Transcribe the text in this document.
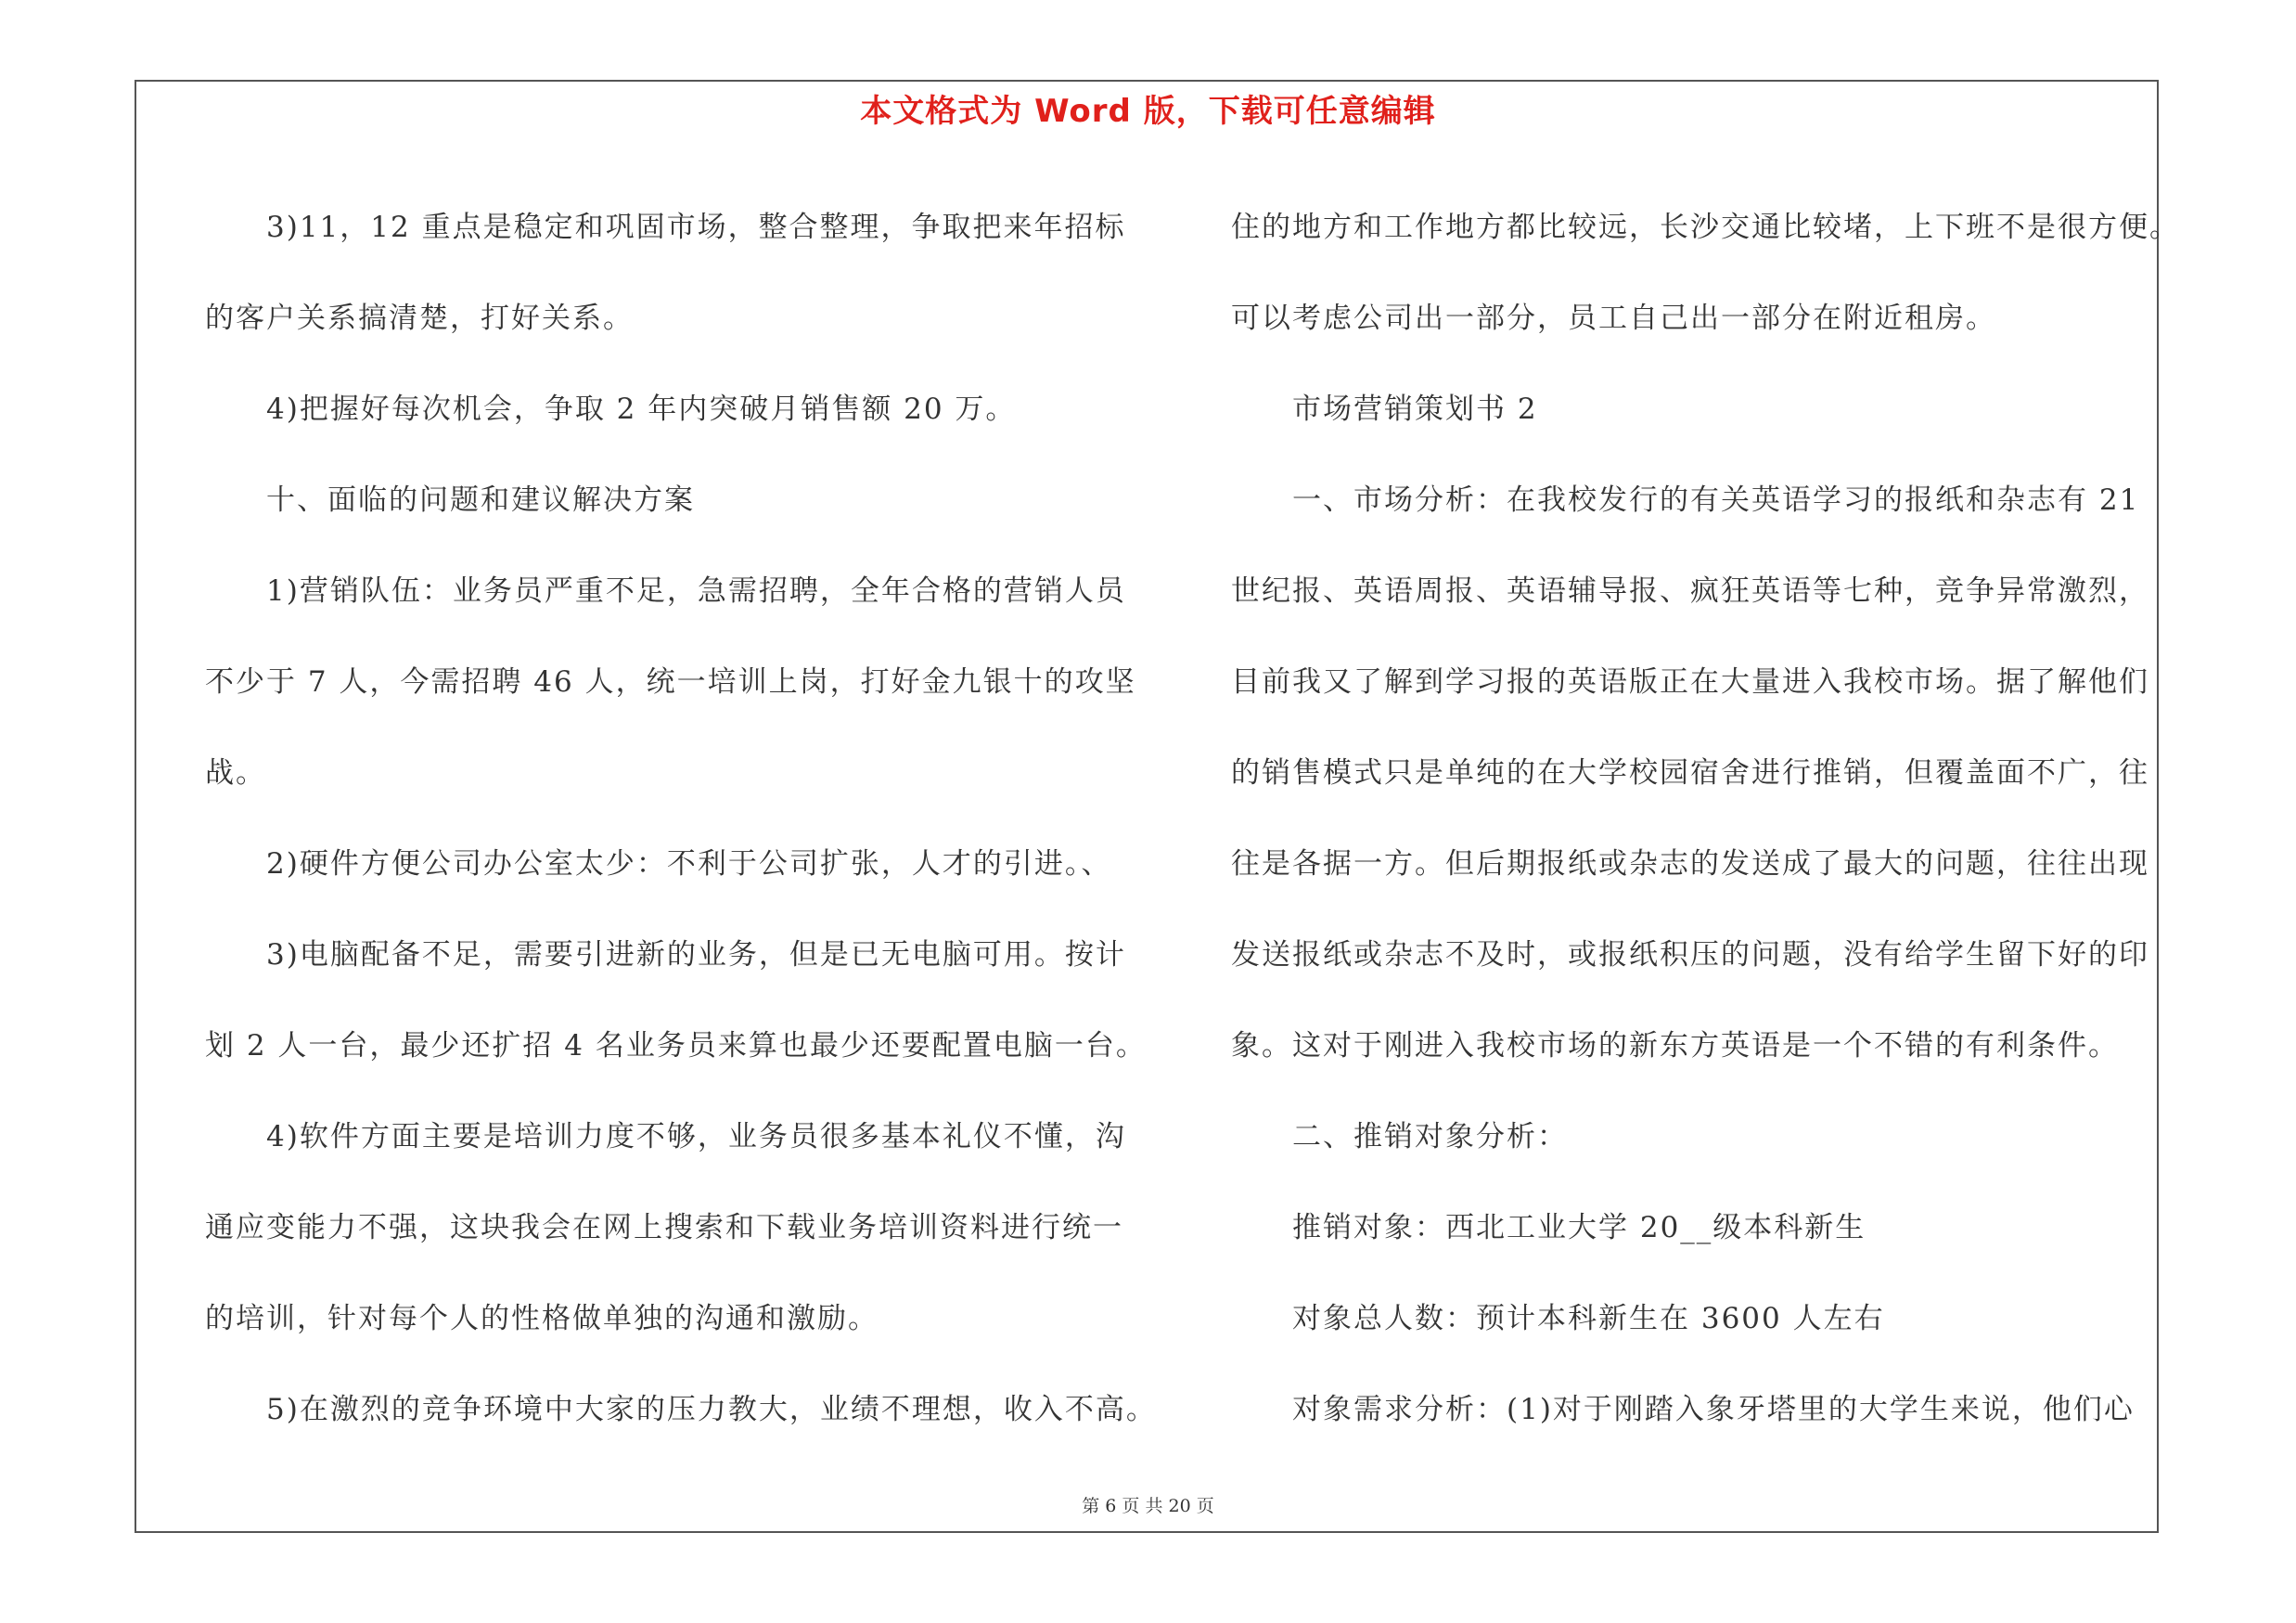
本文格式为 Word 版，下载可任意编辑

　　3)11，12 重点是稳定和巩固市场，整合整理，争取把来年招标

的客户关系搞清楚，打好关系。

　　4)把握好每次机会，争取 2 年内突破月销售额 20 万。

　　十、面临的问题和建议解决方案

　　1)营销队伍：业务员严重不足，急需招聘，全年合格的营销人员

不少于 7 人，今需招聘 46 人，统一培训上岗，打好金九银十的攻坚

战。

　　2)硬件方便公司办公室太少：不利于公司扩张，人才的引进。、

　　3)电脑配备不足，需要引进新的业务，但是已无电脑可用。按计

划 2 人一台，最少还扩招 4 名业务员来算也最少还要配置电脑一台。

　　4)软件方面主要是培训力度不够，业务员很多基本礼仪不懂，沟

通应变能力不强，这块我会在网上搜索和下载业务培训资料进行统一

的培训，针对每个人的性格做单独的沟通和激励。

　　5)在激烈的竞争环境中大家的压力教大，业绩不理想，收入不高。

住的地方和工作地方都比较远，长沙交通比较堵，上下班不是很方便。

可以考虑公司出一部分，员工自己出一部分在附近租房。

　　市场营销策划书 2

　　一、市场分析：在我校发行的有关英语学习的报纸和杂志有 21

世纪报、英语周报、英语辅导报、疯狂英语等七种，竞争异常激烈，

目前我又了解到学习报的英语版正在大量进入我校市场。据了解他们

的销售模式只是单纯的在大学校园宿舍进行推销，但覆盖面不广，往

往是各据一方。但后期报纸或杂志的发送成了最大的问题，往往出现

发送报纸或杂志不及时，或报纸积压的问题，没有给学生留下好的印

象。这对于刚进入我校市场的新东方英语是一个不错的有利条件。

　　二、推销对象分析：

　　推销对象：西北工业大学 20__级本科新生

　　对象总人数：预计本科新生在 3600 人左右

　　对象需求分析：(1)对于刚踏入象牙塔里的大学生来说，他们心

第 6 页 共 20 页
